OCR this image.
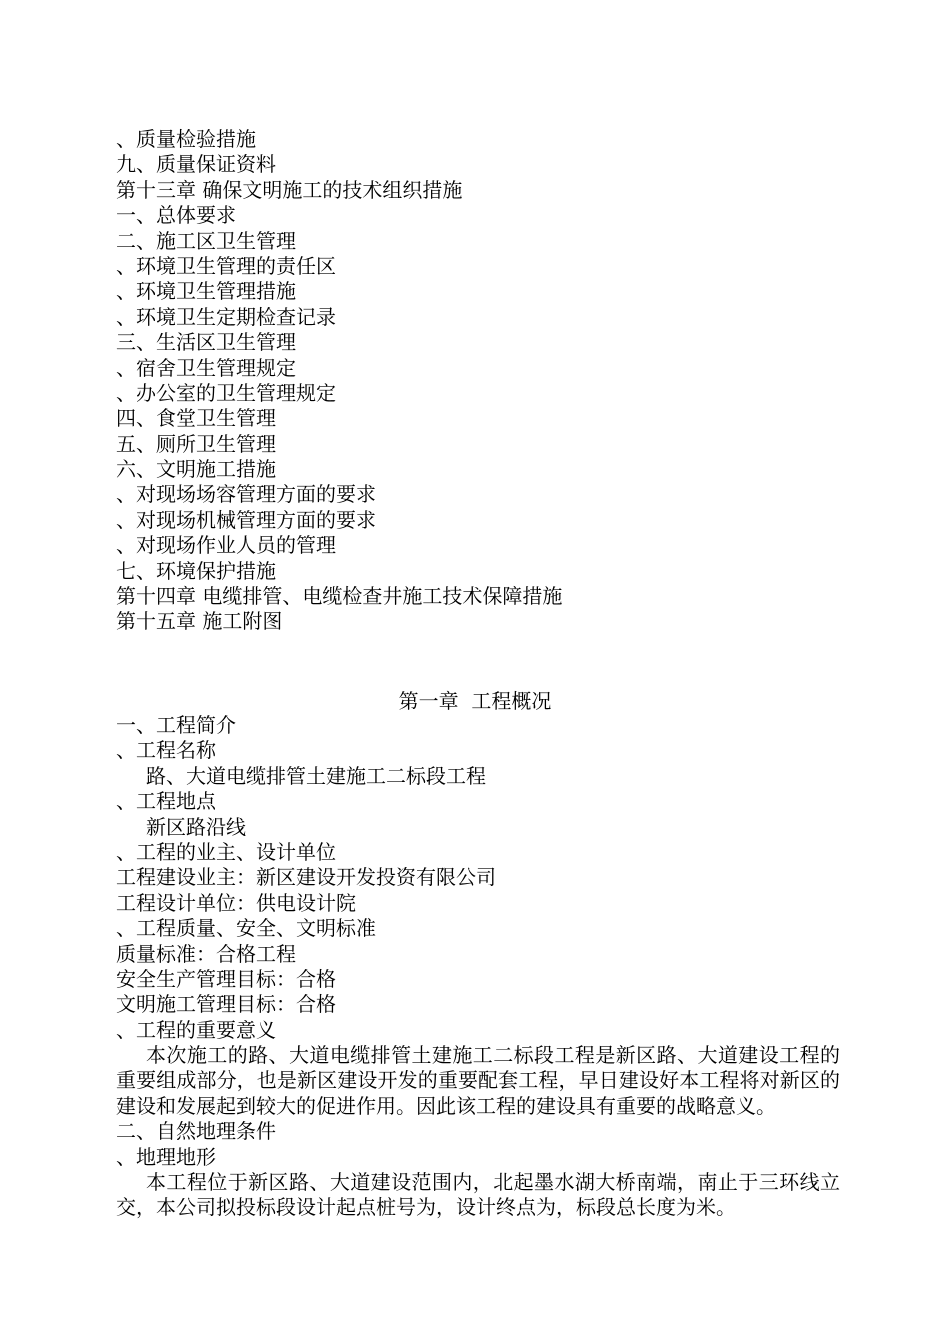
、质量检验措施
九、质量保证资料
第十三章 确保文明施工的技术组织措施
一、总体要求
二、施工区卫生管理
、环境卫生管理的责任区
、环境卫生管理措施
、环境卫生定期检查记录
三、生活区卫生管理
、宿舍卫生管理规定
、办公室的卫生管理规定
四、食堂卫生管理
五、厕所卫生管理
六、文明施工措施
、对现场场容管理方面的要求
、对现场机械管理方面的要求
、对现场作业人员的管理
七、环境保护措施
第十四章 电缆排管、电缆检查井施工技术保障措施
第十五章 施工附图
第一章  工程概况
一、工程简介
、工程名称
路、大道电缆排管土建施工二标段工程
、工程地点
新区路沿线
、工程的业主、设计单位
工程建设业主：新区建设开发投资有限公司
工程设计单位：供电设计院
、工程质量、安全、文明标准
质量标准：合格工程
安全生产管理目标：合格
文明施工管理目标：合格
、工程的重要意义
本次施工的路、大道电缆排管土建施工二标段工程是新区路、大道建设工程的重要组成部分，也是新区建设开发的重要配套工程，早日建设好本工程将对新区的建设和发展起到较大的促进作用。因此该工程的建设具有重要的战略意义。
二、自然地理条件
、地理地形
本工程位于新区路、大道建设范围内，北起墨水湖大桥南端，南止于三环线立交，本公司拟投标段设计起点桩号为，设计终点为，标段总长度为米。
